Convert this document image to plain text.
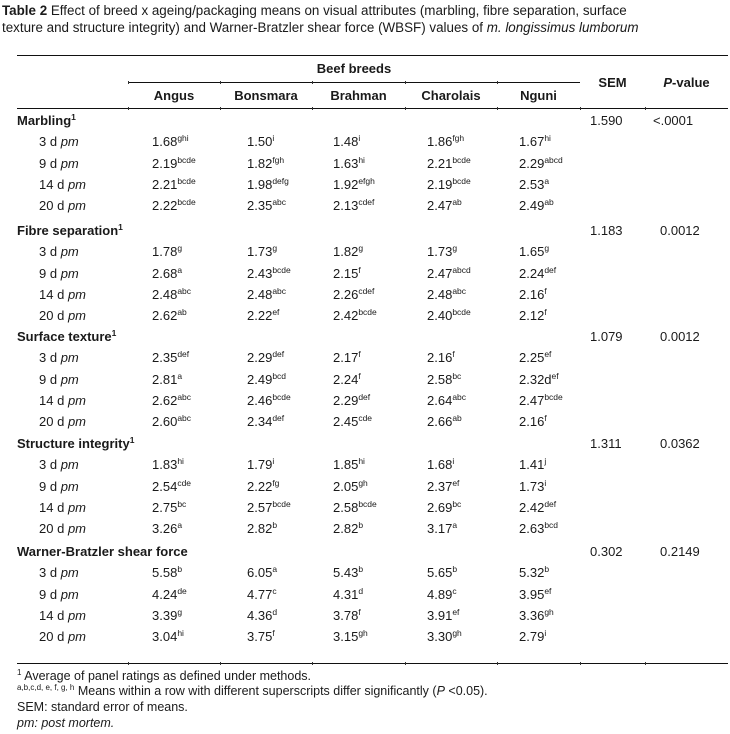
Table 2 Effect of breed x ageing/packaging means on visual attributes (marbling, fibre separation, surface
texture and structure integrity) and Warner-Bratzler shear force (WBSF) values of m. longissimus lumborum
Beef breeds
Angus	Bonsmara	Brahman	Charolais	Nguni
SEM	P-value
Marbling$^1$	1.590 <.0001
3 d pm	$1.68^{ghi}$	1.50$^i$	1.48$^i$	1.86$^{fgh}$	$1.67^{hi}$
9 d pm	$2.19^{bcde}$	1.82$^{fgh}$	$1.63^{hi}$	$2.21^{bcde}$	$2.29^{abcd}$
14 d pm	$2.21^{bcde}$	$1.98^{defg}$	$1.92^{efgh}$	$2.19^{bcde}$	2.53$^a$
20 d pm	$2.22^{bcde}$	2.35$^{abc}$	$2.13^{cdef}$	2.47$^{ab}$	2.49$^{ab}$
Fibre separation$^1$	1.183	0.0012
3 d pm	1.78$^g$	1.73$^g$	1.82$^g$	1.73$^g$	1.65$^g$
9 d pm	2.68$^a$	$2.43^{bcde}$	2.15$^f$	$2.47^{abcd}$	2.24$^{def}$
14 d pm	2.48$^{abc}$	2.48$^{abc}$	$2.26^{cdef}$	2.48$^{abc}$	2.16$^f$
20 d pm	2.62$^{ab}$	2.22$^{ef}$	$2.42^{bcde}$	$2.40^{bcde}$	2.12$^f$
Surface texture$^1$	1.079	0.0012
3 d pm	2.35$^{def}$	2.29$^{def}$	2.17$^f$	2.16$^f$	2.25$^{ef}$
9 d pm	2.81$^a$	2.49$^{bcd}$	2.24$^f$	2.58$^{bc}$	$2.32d^{ef}$
14 d pm	2.62$^{abc}$	$2.46^{bcde}$	2.29$^{def}$	2.64$^{abc}$	$2.47^{bcde}$
20 d pm	2.60$^{abc}$	2.34$^{def}$	2.45$^{cde}$	2.66$^{ab}$	2.16$^f$
Structure integrity$^1$	1.311	0.0362
3 d pm	$1.83^{hi}$	1.79$^i$	$1.85^{hi}$	1.68$^i$	1.41$^j$
9 d pm	2.54$^{cde}$	2.22$^{fg}$	2.05$^{gh}$	2.37$^{ef}$	1.73$^i$
14 d pm	2.75$^{bc}$	$2.57^{bcde}$	$2.58^{bcde}$	2.69$^{bc}$	2.42$^{def}$
20 d pm	3.26$^a$	2.82$^b$	2.82$^b$	3.17$^a$	2.63$^{bcd}$
Warner-Bratzler shear force	0.302	0.2149
3 d pm	5.58$^b$	6.05$^a$	5.43$^b$	5.65$^b$	5.32$^b$
9 d pm	4.24de	4.77$^c$	4.31$^d$	4.89$^c$	3.95$^{ef}$
14 d pm	3.39$^g$	4.36$^d$	3.78$^f$	3.91$^{ef}$	3.36$^{gh}$
20 d pm	$3.04^{hi}$	3.75$^f$	3.15$^{gh}$	3.30$^{gh}$	2.79$^i$
$^1$ Average of panel ratings as defined under methods.
$^{a,b,c,d, e, f, g, h}$ Means within a row with different superscripts differ significantly (P <0.05).
SEM: standard error of means.
pm: post mortem.
